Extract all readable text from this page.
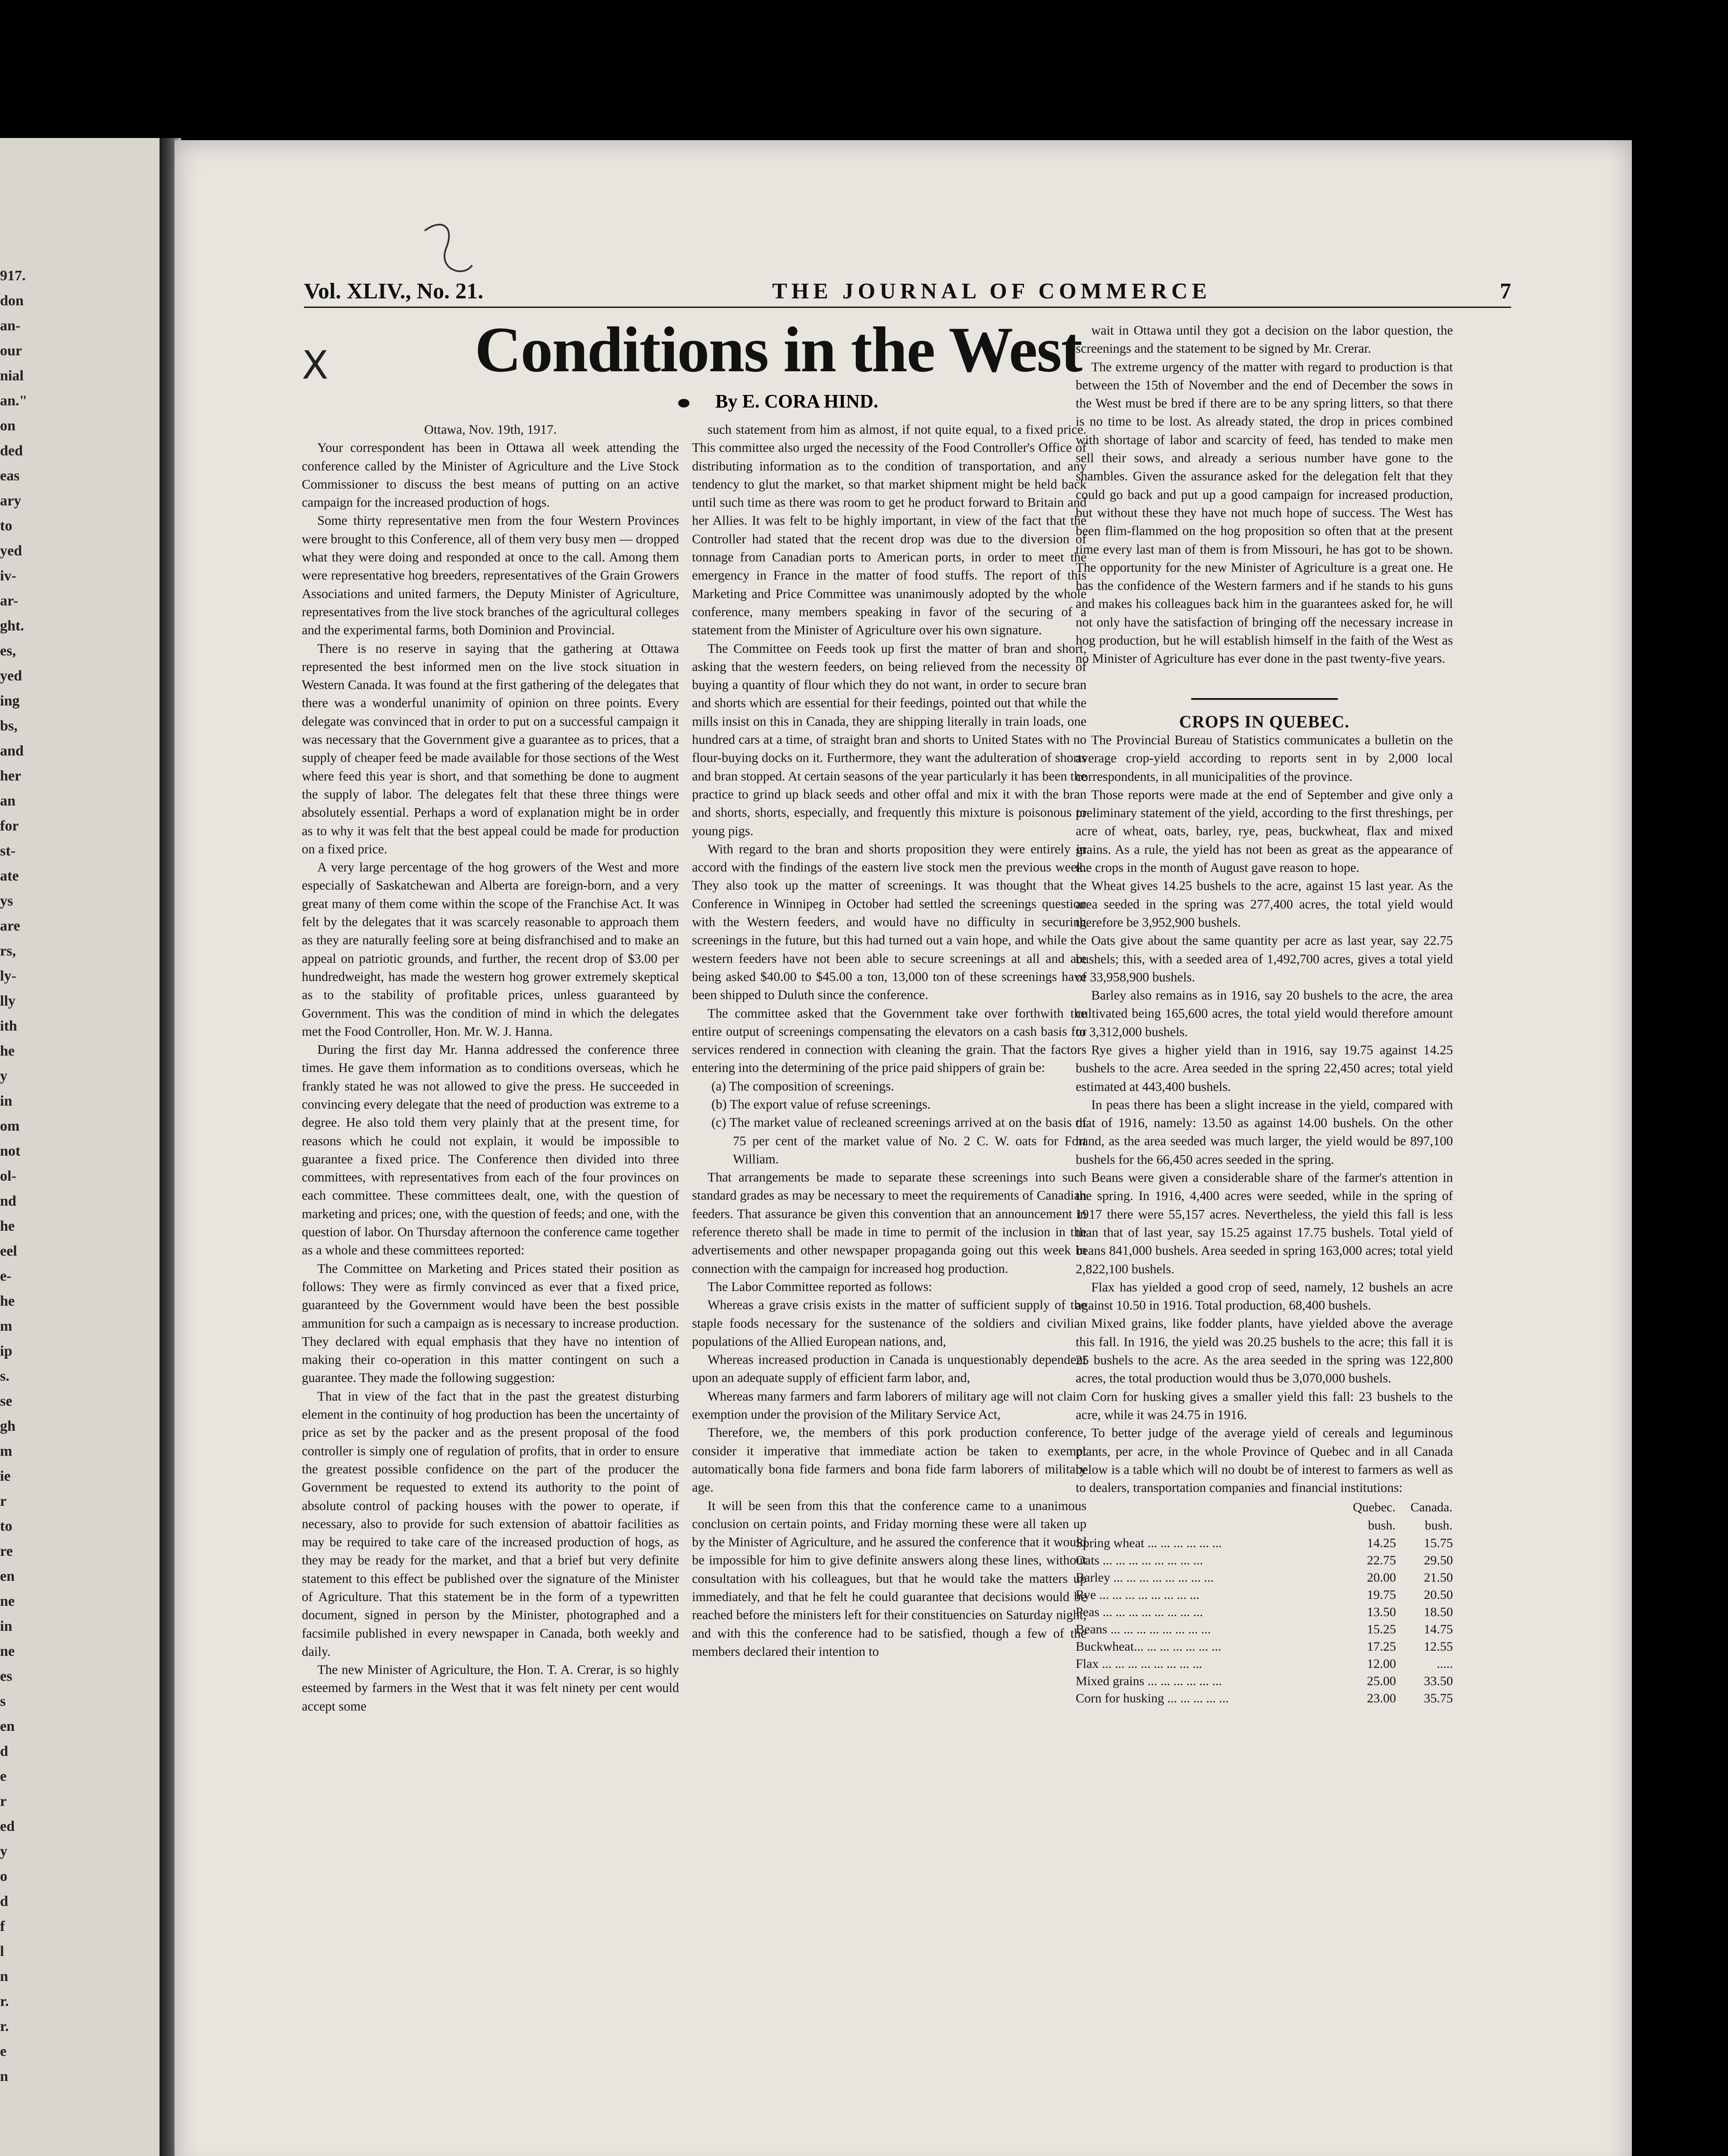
917.
don
an-
our
nial
an."
on
ded
eas
ary
to
yed
iv-
ar-
ght.
es,
yed
ing
bs,
and
her
an
for
st-
ate
ys
are
rs,
ly-
lly
ith
he
y
in
om
not
ol-
nd
he
eel
e-
he
m
ip
s.
se
gh
m
ie
r
to
re
en
ne
in
ne
es
s
en
d
e
r
ed
y
o
d
f
l
n
r.
r.
e
n
Vol. XLIV., No. 21.	THE JOURNAL OF COMMERCE	7
X	Conditions in the West
By E. CORA HIND.

Ottawa, Nov. 19th, 1917.

Your correspondent has been in Ottawa all week attending the conference called by the Minister of Agriculture and the Live Stock Commissioner to discuss the best means of putting on an active campaign for the increased production of hogs.

Some thirty representative men from the four Western Provinces were brought to this Conference, all of them very busy men — dropped what they were doing and responded at once to the call. Among them were representative hog breeders, representatives of the Grain Growers Associations and united farmers, the Deputy Minister of Agriculture, representatives from the live stock branches of the agricultural colleges and the experimental farms, both Dominion and Provincial.

There is no reserve in saying that the gathering at Ottawa represented the best informed men on the live stock situation in Western Canada. It was found at the first gathering of the delegates that there was a wonderful unanimity of opinion on three points. Every delegate was convinced that in order to put on a successful campaign it was necessary that the Government give a guarantee as to prices, that a supply of cheaper feed be made available for those sections of the West where feed this year is short, and that something be done to augment the supply of labor. The delegates felt that these three things were absolutely essential. Perhaps a word of explanation might be in order as to why it was felt that the best appeal could be made for production on a fixed price.

A very large percentage of the hog growers of the West and more especially of Saskatchewan and Alberta are foreign-born, and a very great many of them come within the scope of the Franchise Act. It was felt by the delegates that it was scarcely reasonable to approach them as they are naturally feeling sore at being disfranchised and to make an appeal on patriotic grounds, and further, the recent drop of $3.00 per hundredweight, has made the western hog grower extremely skeptical as to the stability of profitable prices, unless guaranteed by Government. This was the condition of mind in which the delegates met the Food Controller, Hon. Mr. W. J. Hanna.

During the first day Mr. Hanna addressed the conference three times. He gave them information as to conditions overseas, which he frankly stated he was not allowed to give the press. He succeeded in convincing every delegate that the need of production was extreme to a degree. He also told them very plainly that at the present time, for reasons which he could not explain, it would be impossible to guarantee a fixed price. The Conference then divided into three committees, with representatives from each of the four provinces on each committee. These committees dealt, one, with the question of marketing and prices; one, with the question of feeds; and one, with the question of labor. On Thursday afternoon the conference came together as a whole and these committees reported:

The Committee on Marketing and Prices stated their position as follows: They were as firmly convinced as ever that a fixed price, guaranteed by the Government would have been the best possible ammunition for such a campaign as is necessary to increase production. They declared with equal emphasis that they have no intention of making their co-operation in this matter contingent on such a guarantee. They made the following suggestion:

That in view of the fact that in the past the greatest disturbing element in the continuity of hog production has been the uncertainty of price as set by the packer and as the present proposal of the food controller is simply one of regulation of profits, that in order to ensure the greatest possible confidence on the part of the producer the Government be requested to extend its authority to the point of absolute control of packing houses with the power to operate, if necessary, also to provide for such extension of abattoir facilities as may be required to take care of the increased production of hogs, as they may be ready for the market, and that a brief but very definite statement to this effect be published over the signature of the Minister of Agriculture. That this statement be in the form of a typewritten document, signed in person by the Minister, photographed and a facsimile published in every newspaper in Canada, both weekly and daily.

The new Minister of Agriculture, the Hon. T. A. Crerar, is so highly esteemed by farmers in the West that it was felt ninety per cent would accept some

such statement from him as almost, if not quite equal, to a fixed price. This committee also urged the necessity of the Food Controller's Office of distributing information as to the condition of transportation, and any tendency to glut the market, so that market shipment might be held back until such time as there was room to get he product forward to Britain and her Allies. It was felt to be highly important, in view of the fact that the Controller had stated that the recent drop was due to the diversion of tonnage from Canadian ports to American ports, in order to meet the emergency in France in the matter of food stuffs. The report of this Marketing and Price Committee was unanimously adopted by the whole conference, many members speaking in favor of the securing of a statement from the Minister of Agriculture over his own signature.

The Committee on Feeds took up first the matter of bran and short, asking that the western feeders, on being relieved from the necessity of buying a quantity of flour which they do not want, in order to secure bran and shorts which are essential for their feedings, pointed out that while the mills insist on this in Canada, they are shipping literally in train loads, one hundred cars at a time, of straight bran and shorts to United States with no flour-buying docks on it. Furthermore, they want the adulteration of shorts and bran stopped. At certain seasons of the year particularly it has been the practice to grind up black seeds and other offal and mix it with the bran and shorts, shorts, especially, and frequently this mixture is poisonous to young pigs.

With regard to the bran and shorts proposition they were entirely in accord with the findings of the eastern live stock men the previous week. They also took up the matter of screenings. It was thought that the Conference in Winnipeg in October had settled the screenings question with the Western feeders, and would have no difficulty in securing screenings in the future, but this had turned out a vain hope, and while the western feeders have not been able to secure screenings at all and are being asked $40.00 to $45.00 a ton, 13,000 ton of these screenings have been shipped to Duluth since the conference.

The committee asked that the Government take over forthwith the entire output of screenings compensating the elevators on a cash basis for services rendered in connection with cleaning the grain. That the factors entering into the determining of the price paid shippers of grain be:

(a) The composition of screenings.

(b) The export value of refuse screenings.

(c) The market value of recleaned screenings arrived at on the basis of 75 per cent of the market value of No. 2 C. W. oats for Fort William.

That arrangements be made to separate these screenings into such standard grades as may be necessary to meet the requirements of Canadian feeders. That assurance be given this convention that an announcement in reference thereto shall be made in time to permit of the inclusion in the advertisements and other newspaper propaganda going out this week in connection with the campaign for increased hog production.

The Labor Committee reported as follows:

Whereas a grave crisis exists in the matter of sufficient supply of the staple foods necessary for the sustenance of the soldiers and civilian populations of the Allied European nations, and,

Whereas increased production in Canada is unquestionably dependent upon an adequate supply of efficient farm labor, and,

Whereas many farmers and farm laborers of military age will not claim exemption under the provision of the Military Service Act,

Therefore, we, the members of this pork production conference, consider it imperative that immediate action be taken to exempt automatically bona fide farmers and bona fide farm laborers of military age.

It will be seen from this that the conference came to a unanimous conclusion on certain points, and Friday morning these were all taken up by the Minister of Agriculture, and he assured the conference that it would be impossible for him to give definite answers along these lines, without consultation with his colleagues, but that he would take the matters up immediately, and that he felt he could guarantee that decisions would be reached before the ministers left for their constituencies on Saturday night, and with this the conference had to be satisfied, though a few of the members declared their intention to

wait in Ottawa until they got a decision on the labor question, the screenings and the statement to be signed by Mr. Crerar.

The extreme urgency of the matter with regard to production is that between the 15th of November and the end of December the sows in the West must be bred if there are to be any spring litters, so that there is no time to be lost. As already stated, the drop in prices combined with shortage of labor and scarcity of feed, has tended to make men sell their sows, and already a serious number have gone to the shambles. Given the assurance asked for the delegation felt that they could go back and put up a good campaign for increased production, but without these they have not much hope of success. The West has been flim-flammed on the hog proposition so often that at the present time every last man of them is from Missouri, he has got to be shown. The opportunity for the new Minister of Agriculture is a great one. He has the confidence of the Western farmers and if he stands to his guns and makes his colleagues back him in the guarantees asked for, he will not only have the satisfaction of bringing off the necessary increase in hog production, but he will establish himself in the faith of the West as no Minister of Agriculture has ever done in the past twenty-five years.

CROPS IN QUEBEC.

The Provincial Bureau of Statistics communicates a bulletin on the average crop-yield according to reports sent in by 2,000 local correspondents, in all municipalities of the province.

Those reports were made at the end of September and give only a preliminary statement of the yield, according to the first threshings, per acre of wheat, oats, barley, rye, peas, buckwheat, flax and mixed grains. As a rule, the yield has not been as great as the appearance of the crops in the month of August gave reason to hope.

Wheat gives 14.25 bushels to the acre, against 15 last year. As the area seeded in the spring was 277,400 acres, the total yield would therefore be 3,952,900 bushels.

Oats give about the same quantity per acre as last year, say 22.75 bushels; this, with a seeded area of 1,492,700 acres, gives a total yield of 33,958,900 bushels.

Barley also remains as in 1916, say 20 bushels to the acre, the area cultivated being 165,600 acres, the total yield would therefore amount to 3,312,000 bushels.

Rye gives a higher yield than in 1916, say 19.75 against 14.25 bushels to the acre. Area seeded in the spring 22,450 acres; total yield estimated at 443,400 bushels.

In peas there has been a slight increase in the yield, compared with that of 1916, namely: 13.50 as against 14.00 bushels. On the other hand, as the area seeded was much larger, the yield would be 897,100 bushels for the 66,450 acres seeded in the spring.

Beans were given a considerable share of the farmer's attention in the spring. In 1916, 4,400 acres were seeded, while in the spring of 1917 there were 55,157 acres. Nevertheless, the yield this fall is less than that of last year, say 15.25 against 17.75 bushels. Total yield of beans 841,000 bushels. Area seeded in spring 163,000 acres; total yield 2,822,100 bushels.

Flax has yielded a good crop of seed, namely, 12 bushels an acre against 10.50 in 1916. Total production, 68,400 bushels.

Mixed grains, like fodder plants, have yielded above the average this fall. In 1916, the yield was 20.25 bushels to the acre; this fall it is 25 bushels to the acre. As the area seeded in the spring was 122,800 acres, the total production would thus be 3,070,000 bushels.

Corn for husking gives a smaller yield this fall: 23 bushels to the acre, while it was 24.75 in 1916.

To better judge of the average yield of cereals and leguminous plants, per acre, in the whole Province of Quebec and in all Canada below is a table which will no doubt be of interest to farmers as well as to dealers, transportation companies and financial institutions:

	Quebec.	Canada.
	bush.	bush.
Spring wheat ... ... ... ... ... ...	14.25	15.75
Oats ... ... ... ... ... ... ... ...	22.75	29.50
Barley ... ... ... ... ... ... ... ...	20.00	21.50
Rye ... ... ... ... ... ... ... ...	19.75	20.50
Peas ... ... ... ... ... ... ... ...	13.50	18.50
Beans ... ... ... ... ... ... ... ...	15.25	14.75
Buckwheat... ... ... ... ... ... ...	17.25	12.55
Flax ... ... ... ... ... ... ... ...	12.00	.....
Mixed grains ... ... ... ... ... ...	25.00	33.50
Corn for husking ... ... ... ... ...	23.00	35.75
